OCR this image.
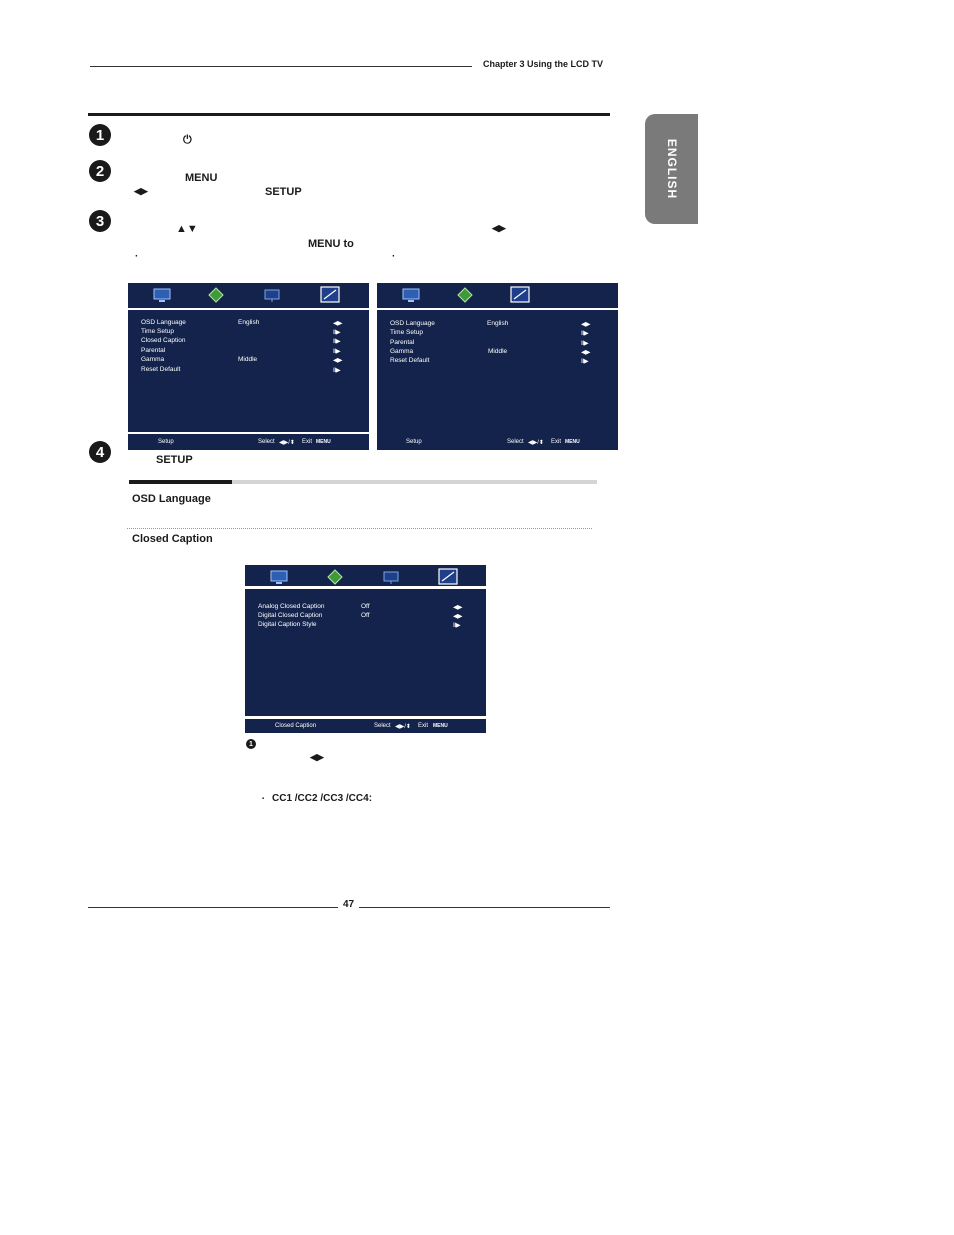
Chapter 3 Using the LCD TV
ENGLISH
1	⏻
2	MENU
◀▶	SETUP
3	▲▼	◀▶
MENU to
·	·
OSD Language	English	◀▶
Time Setup	II▶
Closed Caption	II▶
Parental	II▶
Gamma	Middle	◀▶
Reset Default	II▶
Setup	Select ◀▶/⬍ Exit MENU
OSD Language	English	◀▶
Time Setup	II▶
Parental	II▶
Gamma	Middle	◀▶
Reset Default	II▶
Setup	Select ◀▶/⬍ Exit MENU
4	SETUP
OSD Language
Closed Caption
Analog Closed Caption	Off	◀▶
Digital Closed Caption	Off	◀▶
Digital Caption Style	II▶
Closed Caption	Select ◀▶/⬍ Exit MENU
1
◀▶
▪ CC1 /CC2 /CC3 /CC4:
47
